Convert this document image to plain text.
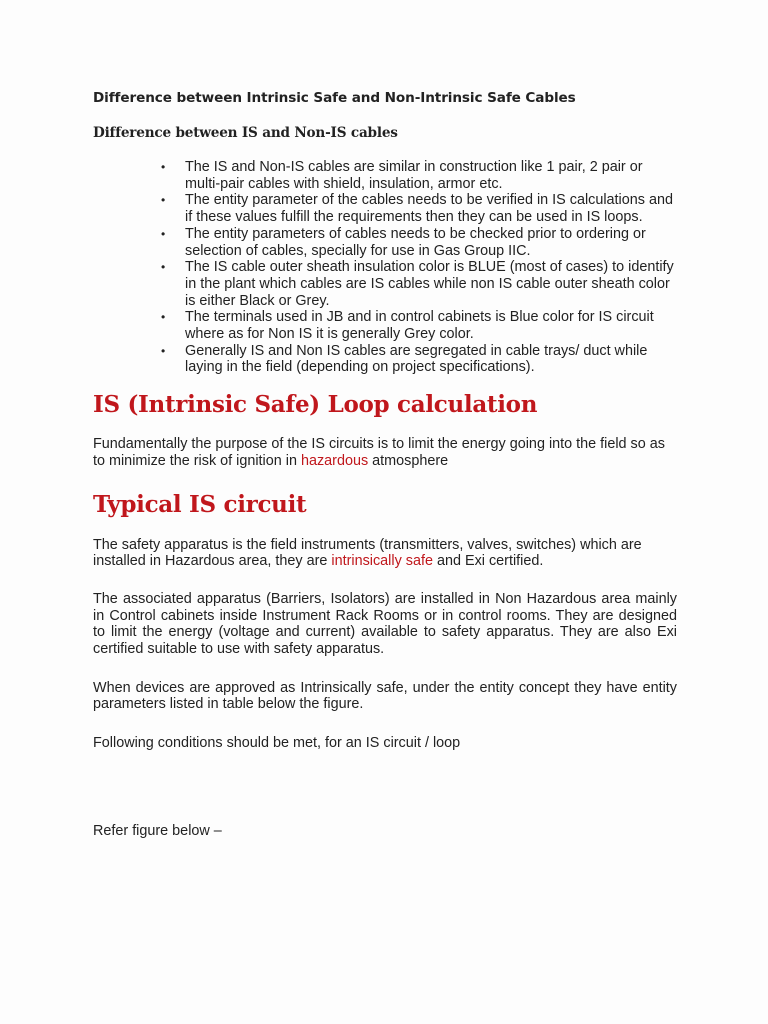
Difference between Intrinsic Safe and Non-Intrinsic Safe Cables
Difference between IS and Non-IS cables
• The IS and Non-IS cables are similar in construction like 1 pair, 2 pair or multi-pair cables with shield, insulation, armor etc.
• The entity parameter of the cables needs to be verified in IS calculations and if these values fulfill the requirements then they can be used in IS loops.
• The entity parameters of cables needs to be checked prior to ordering or selection of cables, specially for use in Gas Group IIC.
• The IS cable outer sheath insulation color is BLUE (most of cases) to identify in the plant which cables are IS cables while non IS cable outer sheath color is either Black or Grey.
• The terminals used in JB and in control cabinets is Blue color for IS circuit where as for Non IS it is generally Grey color.
• Generally IS and Non IS cables are segregated in cable trays/ duct while laying in the field (depending on project specifications).
IS (Intrinsic Safe) Loop calculation

Fundamentally the purpose of the IS circuits is to limit the energy going into the field so as to minimize the risk of ignition in hazardous atmosphere

Typical IS circuit

The safety apparatus is the field instruments (transmitters, valves, switches) which are installed in Hazardous area, they are intrinsically safe and Exi certified.

The associated apparatus (Barriers, Isolators) are installed in Non Hazardous area mainly in Control cabinets inside Instrument Rack Rooms or in control rooms. They are designed to limit the energy (voltage and current) available to safety apparatus. They are also Exi certified suitable to use with safety apparatus.

When devices are approved as Intrinsically safe, under the entity concept they have entity parameters listed in table below the figure.

Following conditions should be met, for an IS circuit / loop

Refer figure below –
